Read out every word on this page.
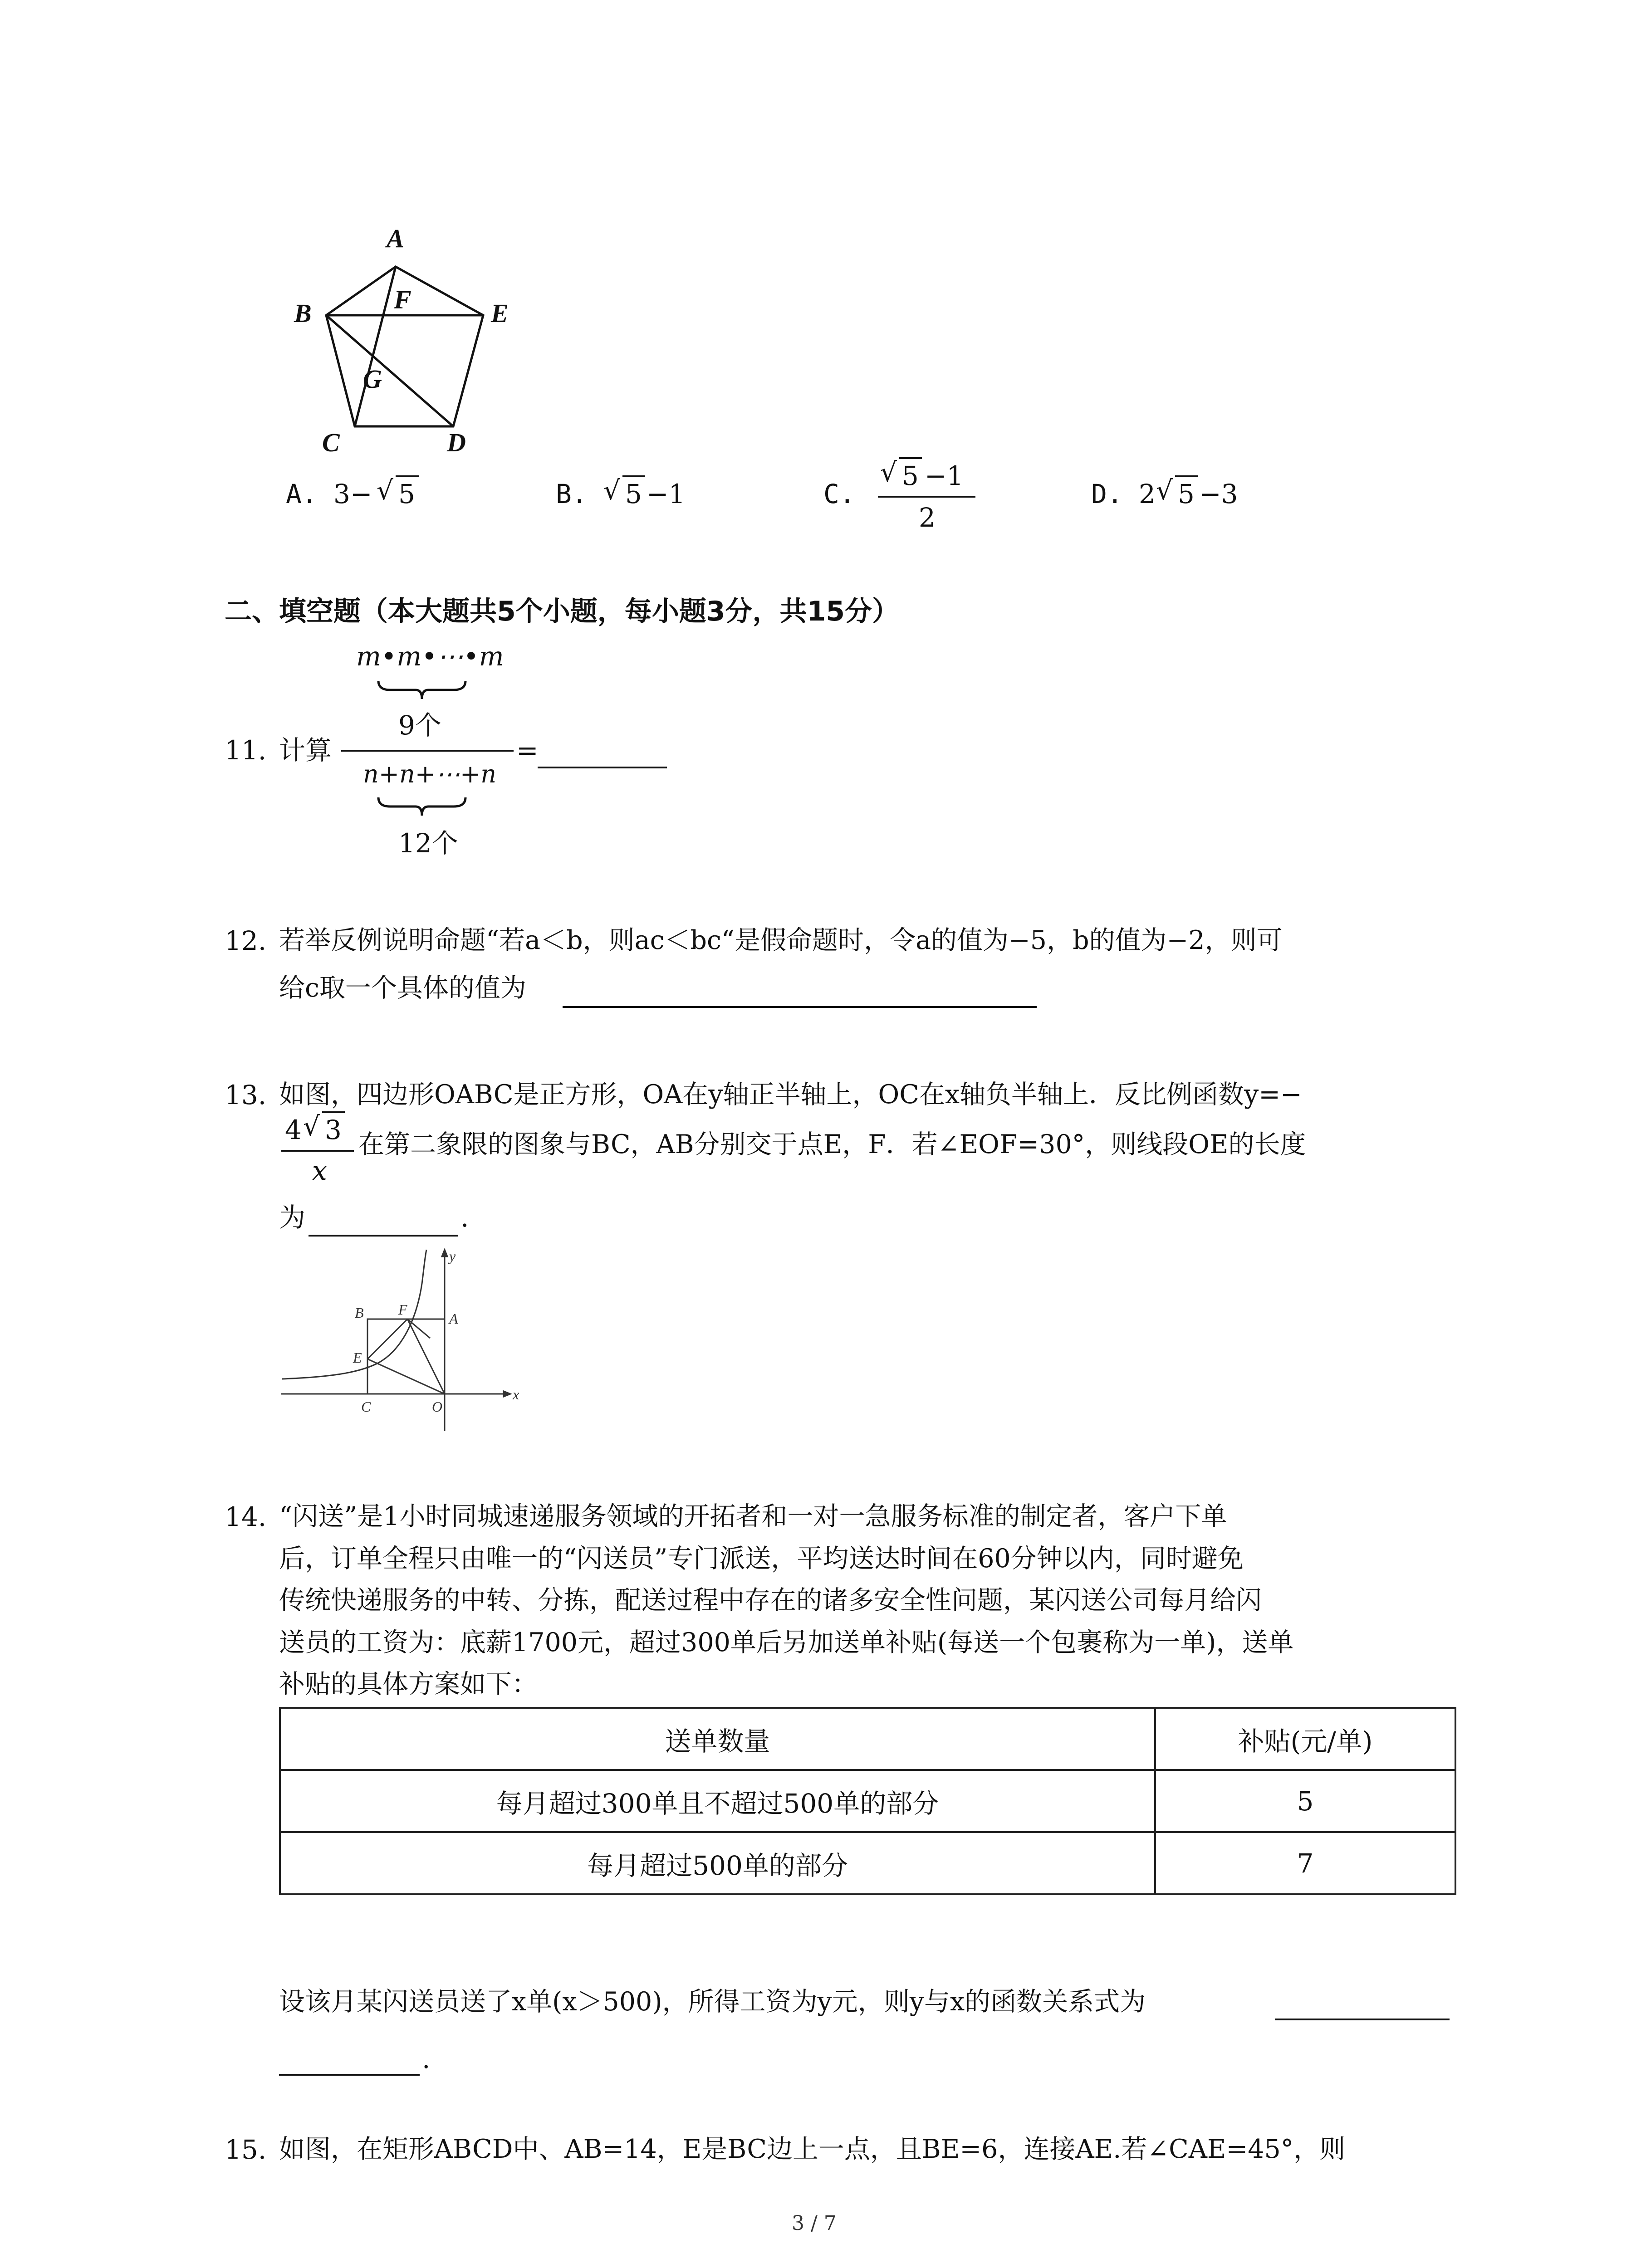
A
B	F	E
G
C	D
A. 3− √ 5	B. √ 5 −1	C.
√ 5 −1
2
D. 2 √ 5 −3
二、填空题（本大题共5个小题，每小题3分，共15分）
m•m•⋯•m
9个
11. 计算	=
n+n+⋯+n
12个
12. 若举反例说明命题“若a＜b，则ac＜bc“是假命题时，令a的值为−5，b的值为−2，则可
给c取一个具体的值为
13. 如图，四边形OABC是正方形，OA在y轴正半轴上，OC在x轴负半轴上．反比例函数y=−
4 √ 3
x
在第二象限的图象与BC，AB分别交于点E，F．若∠EOF=30°，则线段OE的长度
为	.
y
x
B F
A
E
C	O
14. “闪送”是1小时同城速递服务领域的开拓者和一对一急服务标准的制定者，客户下单
后，订单全程只由唯一的“闪送员”专门派送，平均送达时间在60分钟以内，同时避免
传统快递服务的中转、分拣，配送过程中存在的诸多安全性问题，某闪送公司每月给闪
送员的工资为：底薪1700元，超过300单后另加送单补贴(每送一个包裹称为一单)，送单
补贴的具体方案如下：
送单数量	补贴(元/单)
每月超过300单且不超过500单的部分	5
每月超过500单的部分	7
设该月某闪送员送了x单(x＞500)，所得工资为y元，则y与x的函数关系式为
.
15. 如图，在矩形ABCD中、AB=14，E是BC边上一点，且BE=6，连接AE.若∠CAE=45°，则
3 / 7
